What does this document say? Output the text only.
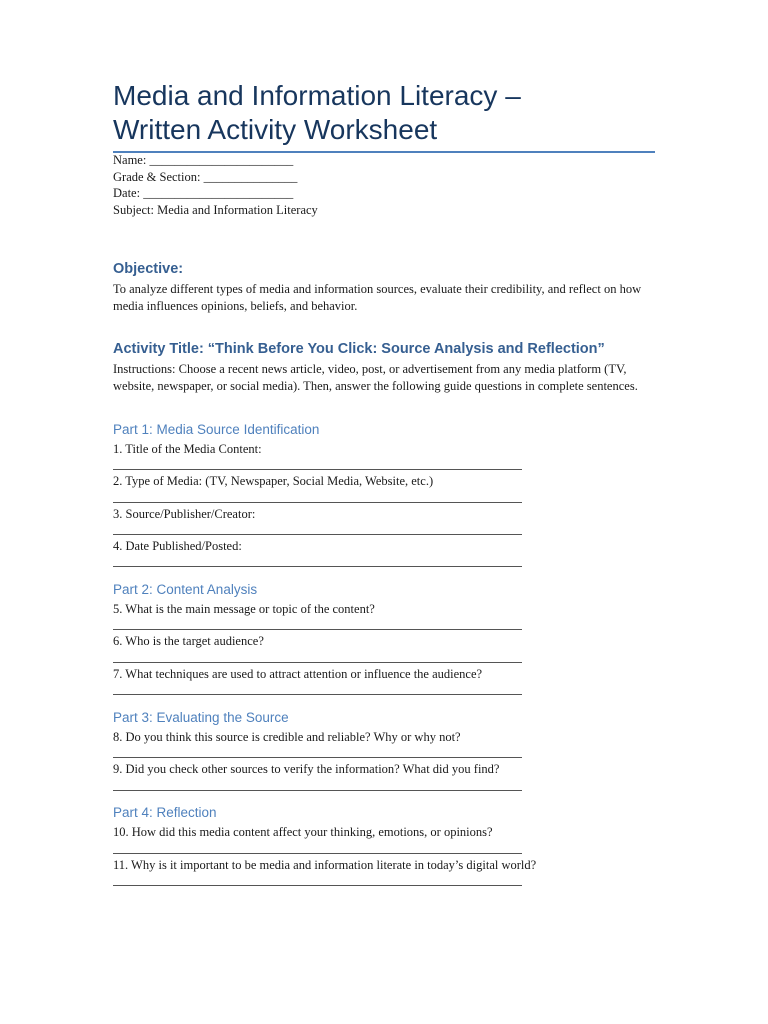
Media and Information Literacy –
Written Activity Worksheet
Name: _______________________
Grade & Section: _______________
Date: ________________________
Subject: Media and Information Literacy
Objective:
To analyze different types of media and information sources, evaluate their credibility, and reflect on how media influences opinions, beliefs, and behavior.
Activity Title: “Think Before You Click: Source Analysis and Reflection”
Instructions: Choose a recent news article, video, post, or advertisement from any media platform (TV, website, newspaper, or social media). Then, answer the following guide questions in complete sentences.
Part 1: Media Source Identification
1. Title of the Media Content:
2. Type of Media: (TV, Newspaper, Social Media, Website, etc.)
3. Source/Publisher/Creator:
4. Date Published/Posted:
Part 2: Content Analysis
5. What is the main message or topic of the content?
6. Who is the target audience?
7. What techniques are used to attract attention or influence the audience?
Part 3: Evaluating the Source
8. Do you think this source is credible and reliable? Why or why not?
9. Did you check other sources to verify the information? What did you find?
Part 4: Reflection
10. How did this media content affect your thinking, emotions, or opinions?
11. Why is it important to be media and information literate in today’s digital world?
